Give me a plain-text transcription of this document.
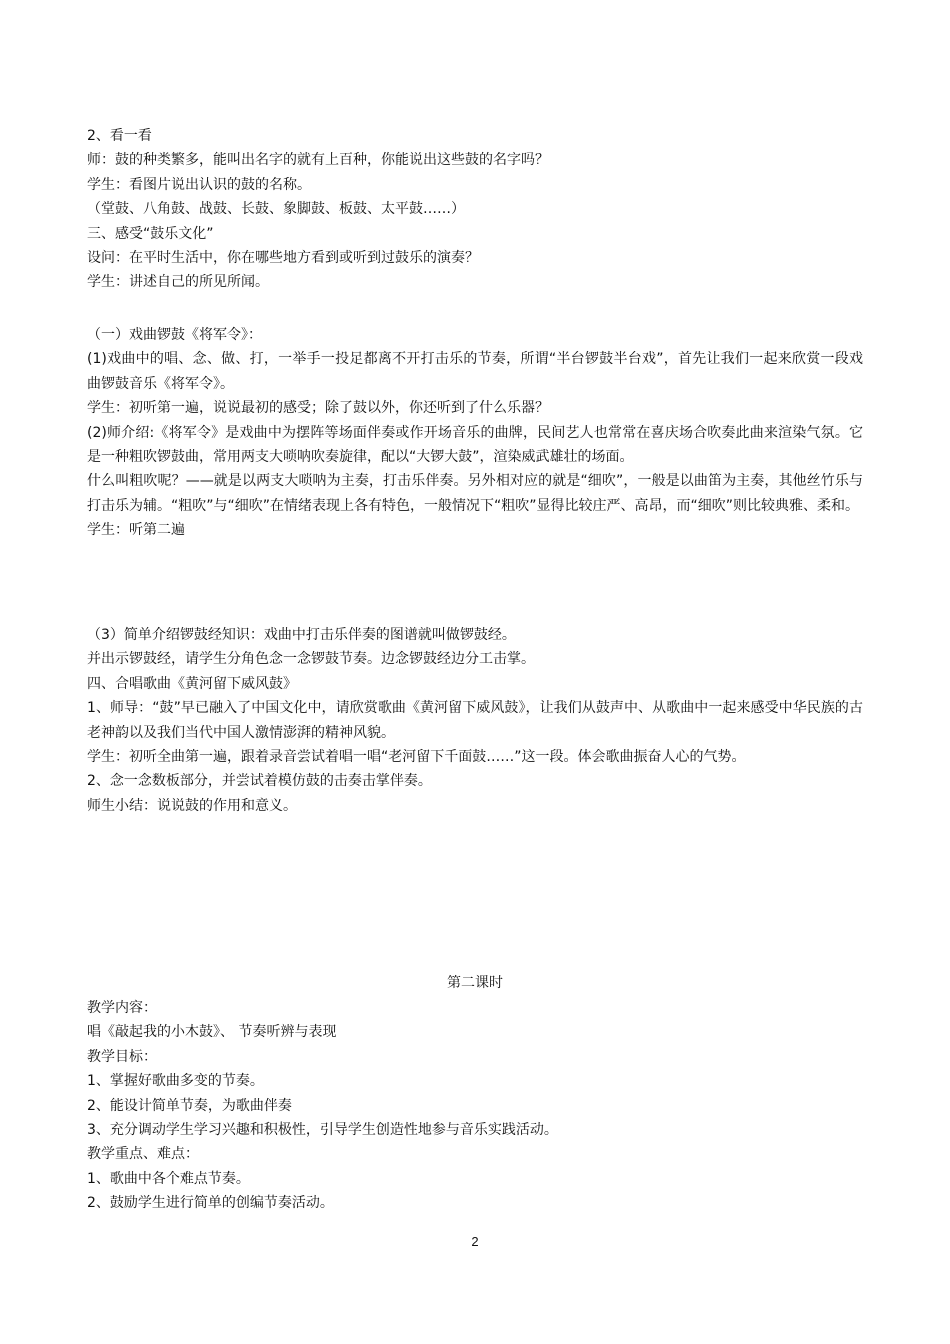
2、看一看

师：鼓的种类繁多，能叫出名字的就有上百种，你能说出这些鼓的名字吗？

学生：看图片说出认识的鼓的名称。

（堂鼓、八角鼓、战鼓、长鼓、象脚鼓、板鼓、太平鼓……）

三、感受“鼓乐文化”

设问：在平时生活中，你在哪些地方看到或听到过鼓乐的演奏？

学生：讲述自己的所见所闻。

（一）戏曲锣鼓《将军令》：

(1)戏曲中的唱、念、做、打，一举手一投足都离不开打击乐的节奏，所谓“半台锣鼓半台戏”，首先让我们一起来欣赏一段戏曲锣鼓音乐《将军令》。

学生：初听第一遍，说说最初的感受；除了鼓以外，你还听到了什么乐器？

(2)师介绍:《将军令》是戏曲中为摆阵等场面伴奏或作开场音乐的曲牌，民间艺人也常常在喜庆场合吹奏此曲来渲染气氛。它是一种粗吹锣鼓曲，常用两支大唢呐吹奏旋律，配以“大锣大鼓”，渲染威武雄壮的场面。

什么叫粗吹呢？——就是以两支大唢呐为主奏，打击乐伴奏。另外相对应的就是“细吹”，一般是以曲笛为主奏，其他丝竹乐与打击乐为辅。“粗吹”与“细吹”在情绪表现上各有特色，一般情况下“粗吹”显得比较庄严、高昂，而“细吹”则比较典雅、柔和。

学生：听第二遍

（3）简单介绍锣鼓经知识：戏曲中打击乐伴奏的图谱就叫做锣鼓经。

并出示锣鼓经，请学生分角色念一念锣鼓节奏。边念锣鼓经边分工击掌。

四、合唱歌曲《黄河留下威风鼓》

1、师导：“鼓”早已融入了中国文化中，请欣赏歌曲《黄河留下威风鼓》，让我们从鼓声中、从歌曲中一起来感受中华民族的古老神韵以及我们当代中国人激情澎湃的精神风貌。

学生：初听全曲第一遍，跟着录音尝试着唱一唱“老河留下千面鼓……”这一段。体会歌曲振奋人心的气势。

2、念一念数板部分，并尝试着模仿鼓的击奏击掌伴奏。

师生小结：说说鼓的作用和意义。

第二课时

教学内容：

唱《敲起我的小木鼓》、 节奏听辨与表现

教学目标：

1、掌握好歌曲多变的节奏。

2、能设计简单节奏，为歌曲伴奏

3、充分调动学生学习兴趣和积极性，引导学生创造性地参与音乐实践活动。

教学重点、难点：

1、歌曲中各个难点节奏。

2、鼓励学生进行简单的创编节奏活动。

2
